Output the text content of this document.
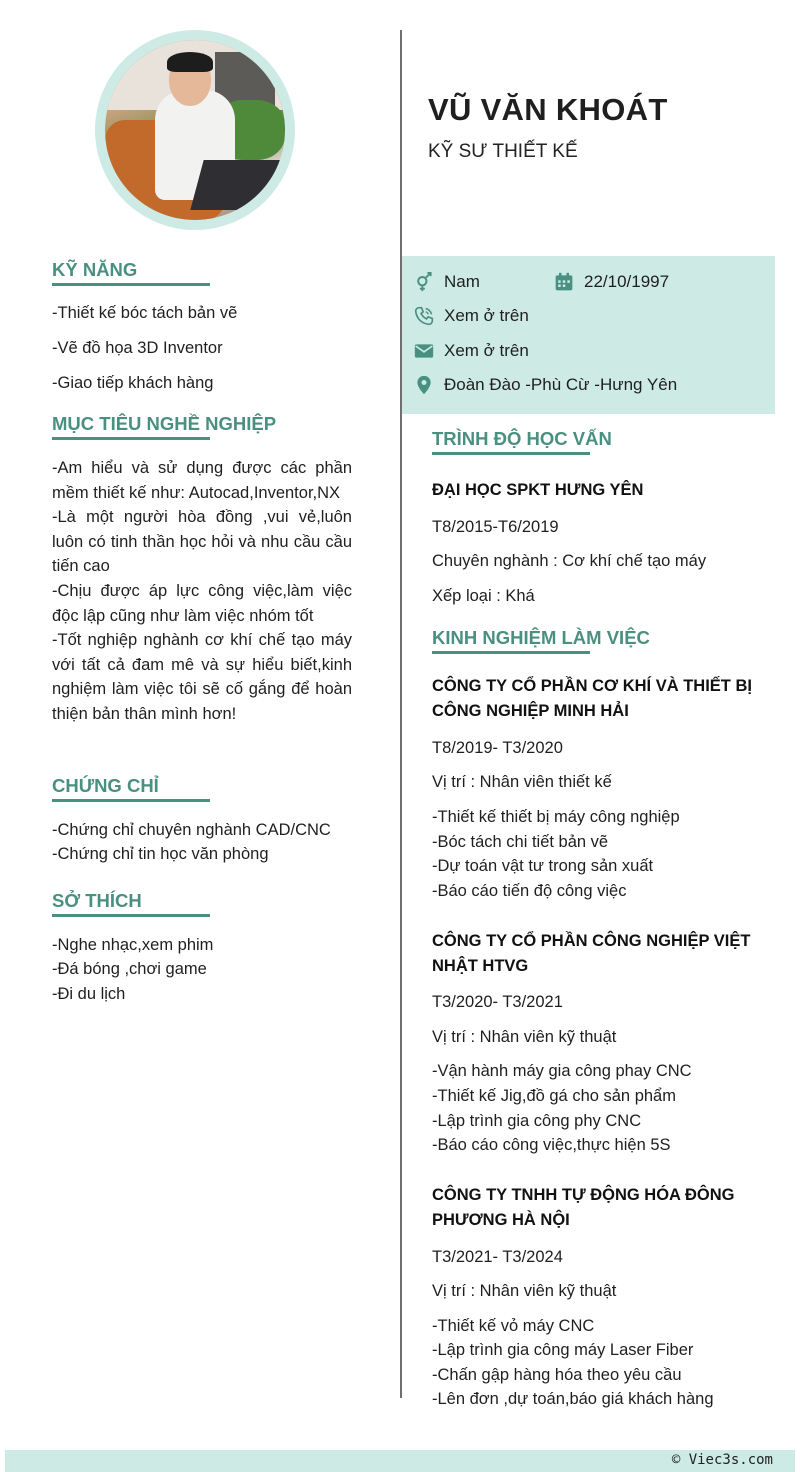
VŨ VĂN KHOÁT
KỸ SƯ THIẾT KẾ
Nam	22/10/1997
Xem ở trên
Xem ở trên
Đoàn Đào -Phù Cừ -Hưng Yên
KỸ NĂNG
-Thiết kế bóc tách bản vẽ
-Vẽ đồ họa 3D Inventor
-Giao tiếp khách hàng
MỤC TIÊU NGHỀ NGHIỆP
-Am hiểu và sử dụng được các phần mềm thiết kế như: Autocad,Inventor,NX
-Là một người hòa đồng ,vui vẻ,luôn luôn có tinh thần học hỏi và nhu cầu cầu tiến cao
-Chịu được áp lực công việc,làm việc độc lập cũng như làm việc nhóm tốt
-Tốt nghiệp nghành cơ khí chế tạo máy với tất cả đam mê và sự hiểu biết,kinh nghiệm làm việc tôi sẽ cố gắng để hoàn thiện bản thân mình hơn!
CHỨNG CHỈ
-Chứng chỉ chuyên nghành CAD/CNC
-Chứng chỉ tin học văn phòng
SỞ THÍCH
-Nghe nhạc,xem phim
-Đá bóng ,chơi game
-Đi du lịch
TRÌNH ĐỘ HỌC VẤN
ĐẠI HỌC SPKT HƯNG YÊN
T8/2015-T6/2019
Chuyên nghành : Cơ khí chế tạo máy
Xếp loại : Khá
KINH NGHIỆM LÀM VIỆC
CÔNG TY CỔ PHẦN CƠ KHÍ VÀ THIẾT BỊ CÔNG NGHIỆP MINH HẢI
T8/2019- T3/2020
Vị trí : Nhân viên thiết kế
-Thiết kế thiết bị máy công nghiệp
-Bóc tách chi tiết bản vẽ
-Dự toán vật tư trong sản xuất
-Báo cáo tiến độ công việc
CÔNG TY CỔ PHẦN CÔNG NGHIỆP VIỆT NHẬT HTVG
T3/2020- T3/2021
Vị trí : Nhân viên kỹ thuật
-Vận hành máy gia công phay CNC
-Thiết kế Jig,đồ gá cho sản phẩm
-Lập trình gia công phy CNC
-Báo cáo công việc,thực hiện 5S
CÔNG TY TNHH TỰ ĐỘNG HÓA ĐÔNG PHƯƠNG HÀ NỘI
T3/2021- T3/2024
Vị trí : Nhân viên kỹ thuật
-Thiết kế vỏ máy CNC
-Lập trình gia công máy Laser Fiber
-Chấn gập hàng hóa theo yêu cầu
-Lên đơn ,dự toán,báo giá khách hàng
© Viec3s.com
